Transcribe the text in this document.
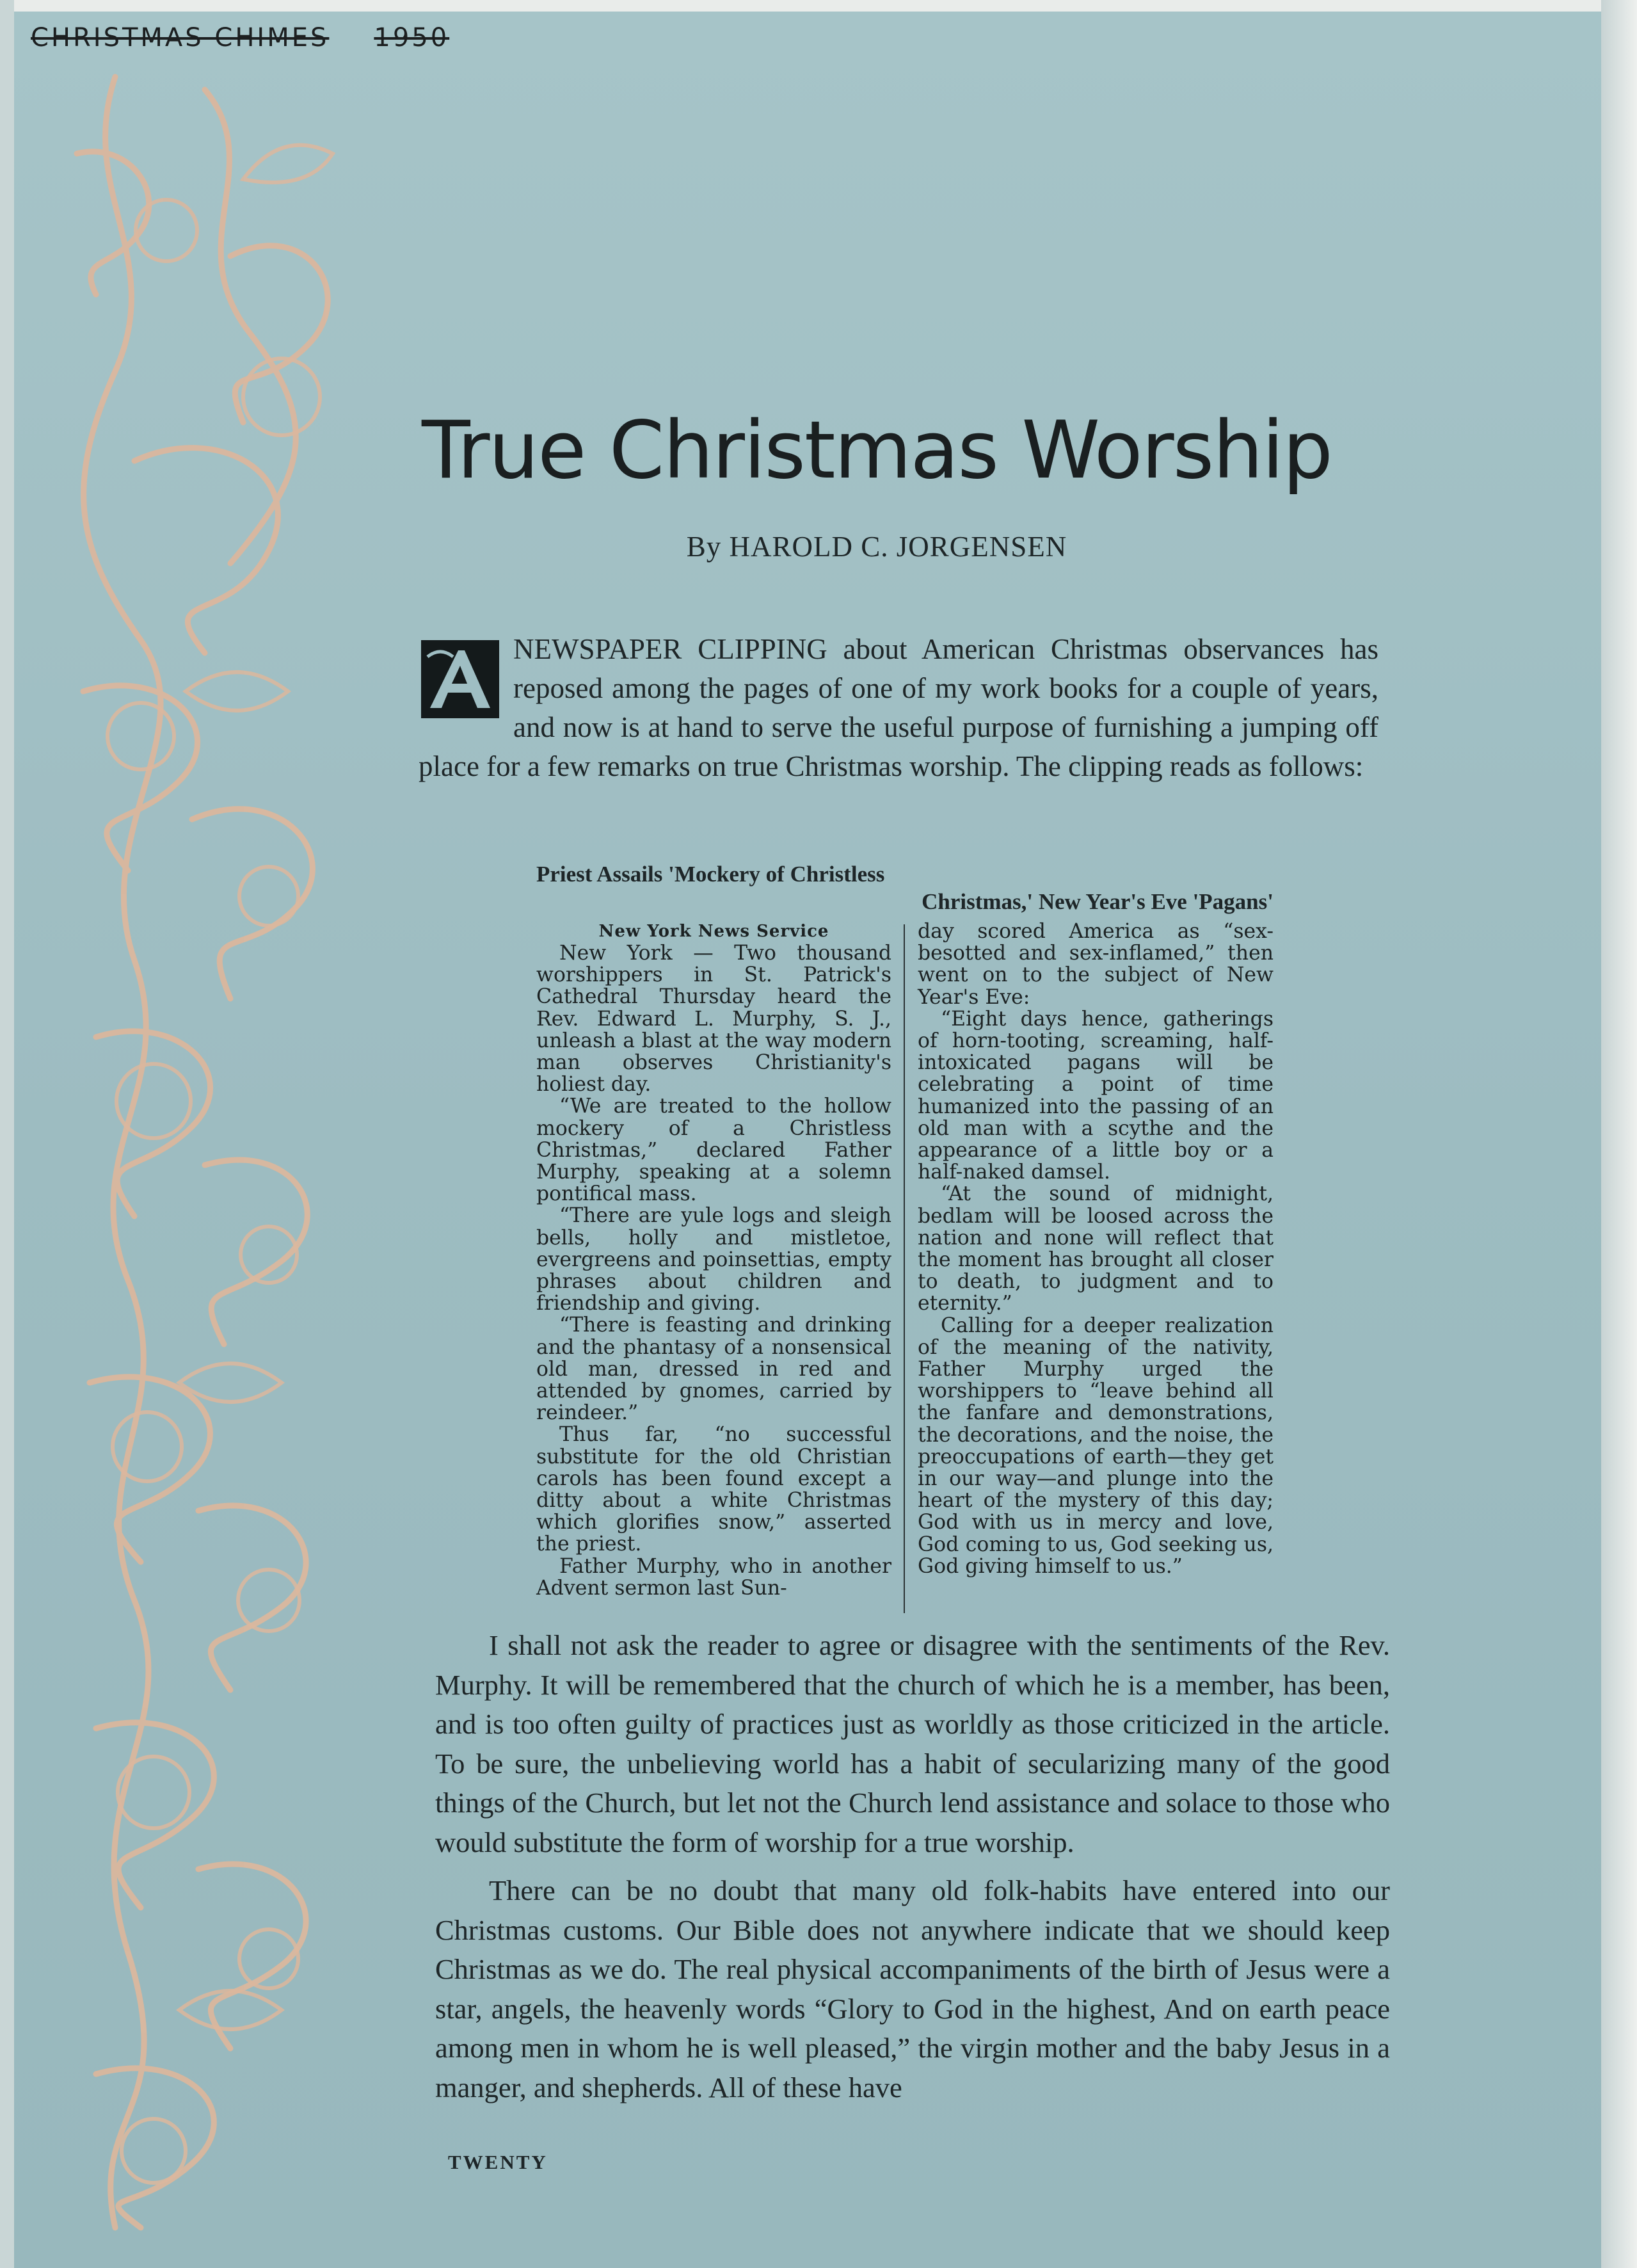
CHRISTMAS CHIMES 1950
True Christmas Worship

By HAROLD C. JORGENSEN

A
NEWSPAPER CLIPPING about American Christmas observances has reposed among the pages of one of my work books for a couple of years, and now is at hand to serve the useful purpose of furnishing a jumping off place for a few remarks on true Christmas worship. The clipping reads as follows:

Priest Assails 'Mockery of Christless
Christmas,' New Year's Eve 'Pagans'

New York News Service

New York — Two thousand worshippers in St. Patrick's Cathedral Thursday heard the Rev. Edward L. Murphy, S. J., unleash a blast at the way modern man observes Christianity's holiest day.

“We are treated to the hollow mockery of a Christless Christmas,” declared Father Murphy, speaking at a solemn pontifical mass.

“There are yule logs and sleigh bells, holly and mistletoe, evergreens and poinsettias, empty phrases about children and friendship and giving.

“There is feasting and drinking and the phantasy of a nonsensical old man, dressed in red and attended by gnomes, carried by reindeer.”

Thus far, “no successful substitute for the old Christian carols has been found except a ditty about a white Christmas which glorifies snow,” asserted the priest.

Father Murphy, who in another Advent sermon last Sun-

day scored America as “sex-besotted and sex-inflamed,” then went on to the subject of New Year's Eve:

“Eight days hence, gatherings of horn-tooting, screaming, half-intoxicated pagans will be celebrating a point of time humanized into the passing of an old man with a scythe and the appearance of a little boy or a half-naked damsel.

“At the sound of midnight, bedlam will be loosed across the nation and none will reflect that the moment has brought all closer to death, to judgment and to eternity.”

Calling for a deeper realization of the meaning of the nativity, Father Murphy urged the worshippers to “leave behind all the fanfare and demonstrations, the decorations, and the noise, the preoccupations of earth—they get in our way—and plunge into the heart of the mystery of this day; God with us in mercy and love, God coming to us, God seeking us, God giving himself to us.”

I shall not ask the reader to agree or disagree with the sentiments of the Rev. Murphy. It will be remembered that the church of which he is a member, has been, and is too often guilty of practices just as worldly as those criticized in the article. To be sure, the unbelieving world has a habit of secularizing many of the good things of the Church, but let not the Church lend assistance and solace to those who would substitute the form of worship for a true worship.

There can be no doubt that many old folk-habits have entered into our Christmas customs. Our Bible does not anywhere indicate that we should keep Christmas as we do. The real physical accompaniments of the birth of Jesus were a star, angels, the heavenly words “Glory to God in the highest, And on earth peace among men in whom he is well pleased,” the virgin mother and the baby Jesus in a manger, and shepherds. All of these have

TWENTY
